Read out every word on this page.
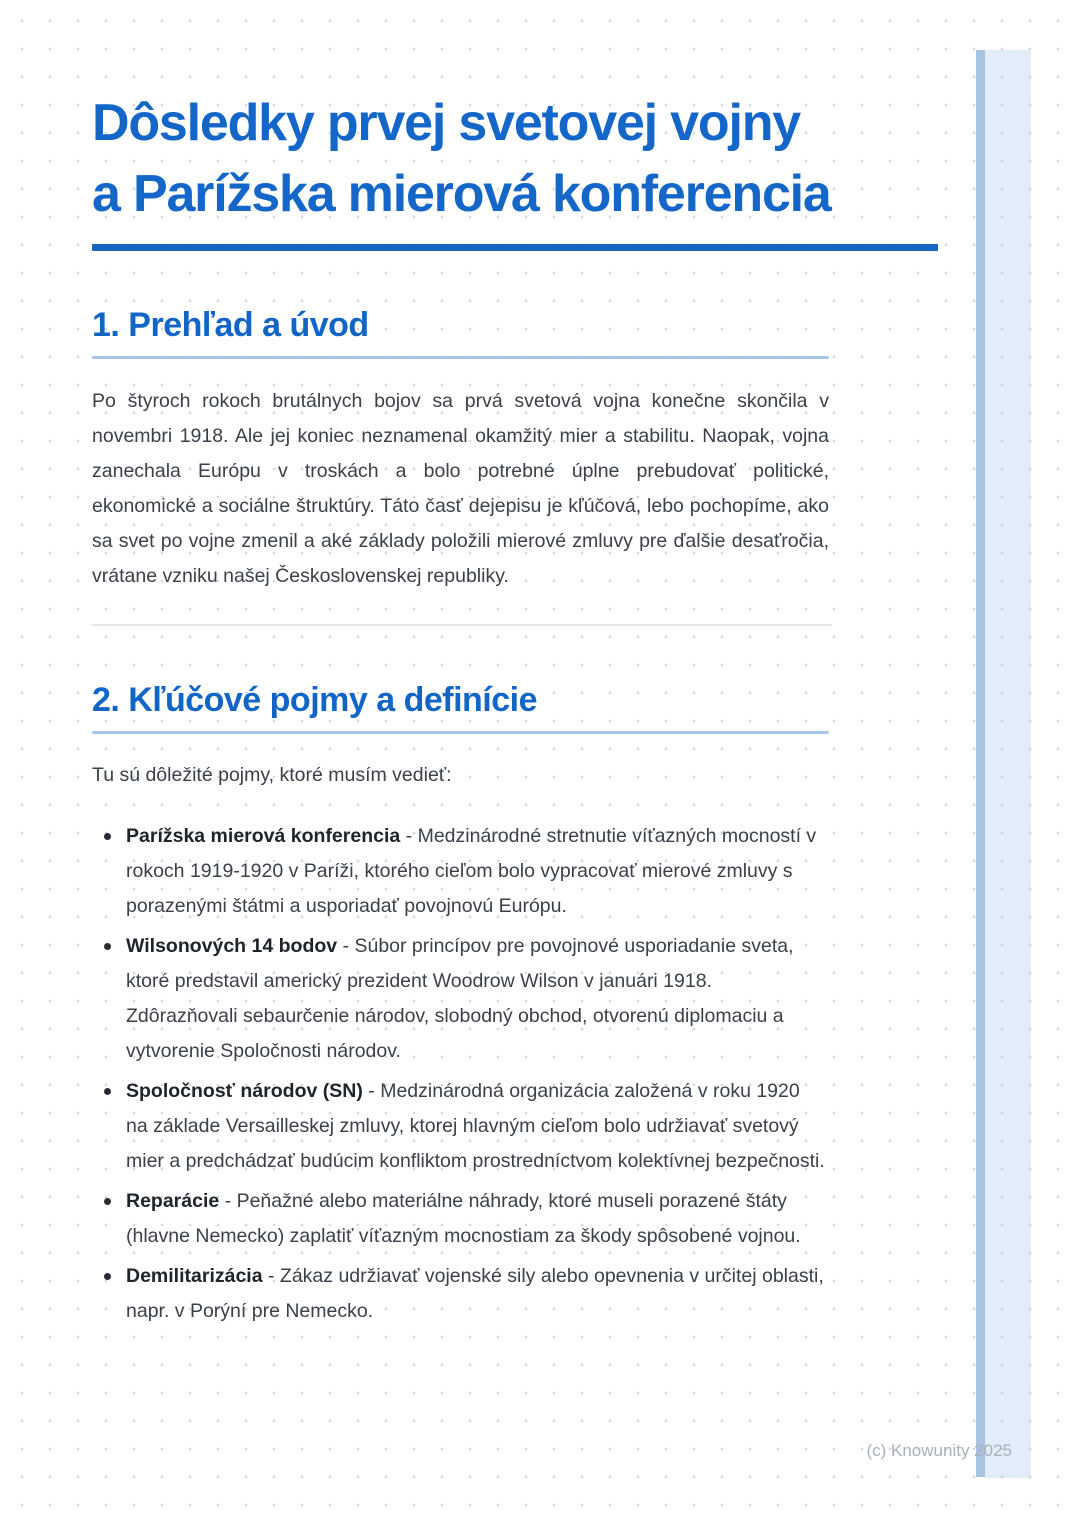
Dôsledky prvej svetovej vojny
a Parížska mierová konferencia
1. Prehľad a úvod

Po štyroch rokoch brutálnych bojov sa prvá svetová vojna konečne skončila v novembri 1918. Ale jej koniec neznamenal okamžitý mier a stabilitu. Naopak, vojna zanechala Európu v troskách a bolo potrebné úplne prebudovať politické, ekonomické a sociálne štruktúry. Táto časť dejepisu je kľúčová, lebo pochopíme, ako sa svet po vojne zmenil a aké základy položili mierové zmluvy pre ďalšie desaťročia, vrátane vzniku našej Československej republiky.

2. Kľúčové pojmy a definície

Tu sú dôležité pojmy, ktoré musím vedieť:

Parížska mierová konferencia - Medzinárodné stretnutie víťazných mocností v rokoch 1919-1920 v Paríži, ktorého cieľom bolo vypracovať mierové zmluvy s porazenými štátmi a usporiadať povojnovú Európu.
Wilsonových 14 bodov - Súbor princípov pre povojnové usporiadanie sveta, ktoré predstavil americký prezident Woodrow Wilson v januári 1918. Zdôrazňovali sebaurčenie národov, slobodný obchod, otvorenú diplomaciu a vytvorenie Spoločnosti národov.
Spoločnosť národov (SN) - Medzinárodná organizácia založená v roku 1920 na základe Versailleskej zmluvy, ktorej hlavným cieľom bolo udržiavať svetový mier a predchádzať budúcim konfliktom prostredníctvom kolektívnej bezpečnosti.
Reparácie - Peňažné alebo materiálne náhrady, ktoré museli porazené štáty (hlavne Nemecko) zaplatiť víťazným mocnostiam za škody spôsobené vojnou.
Demilitarizácia - Zákaz udržiavať vojenské sily alebo opevnenia v určitej oblasti, napr. v Porýní pre Nemecko.
(c) Knowunity 2025
